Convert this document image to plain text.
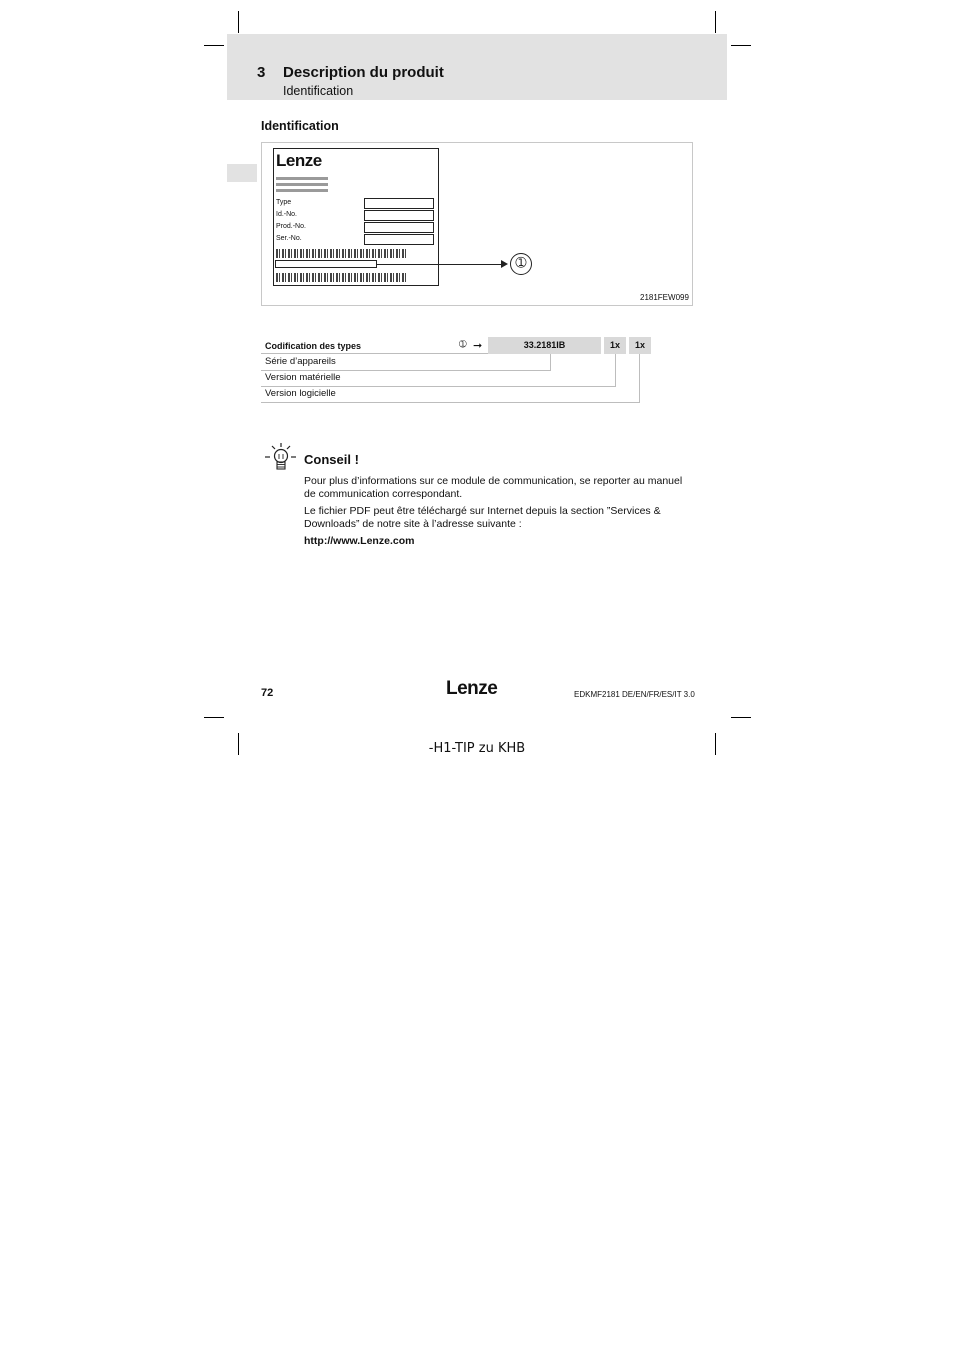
3 Description du produit
Identification
Identification
Lenze
Type
Id.-No.
Prod.-No.
Ser.-No.
➀
2181FEW099
Codification des types	➀ ➞	33.2181IB	1x	1x
Série d’appareils
Version matérielle
Version logicielle
Conseil !
Pour plus d’informations sur ce module de communication, se reporter au manuel de communication correspondant.
Le fichier PDF peut être téléchargé sur Internet depuis la section ”Services & Downloads” de notre site à l’adresse suivante :
http://www.Lenze.com
72	Lenze	EDKMF2181 DE/EN/FR/ES/IT 3.0
-H1-TIP zu KHB
